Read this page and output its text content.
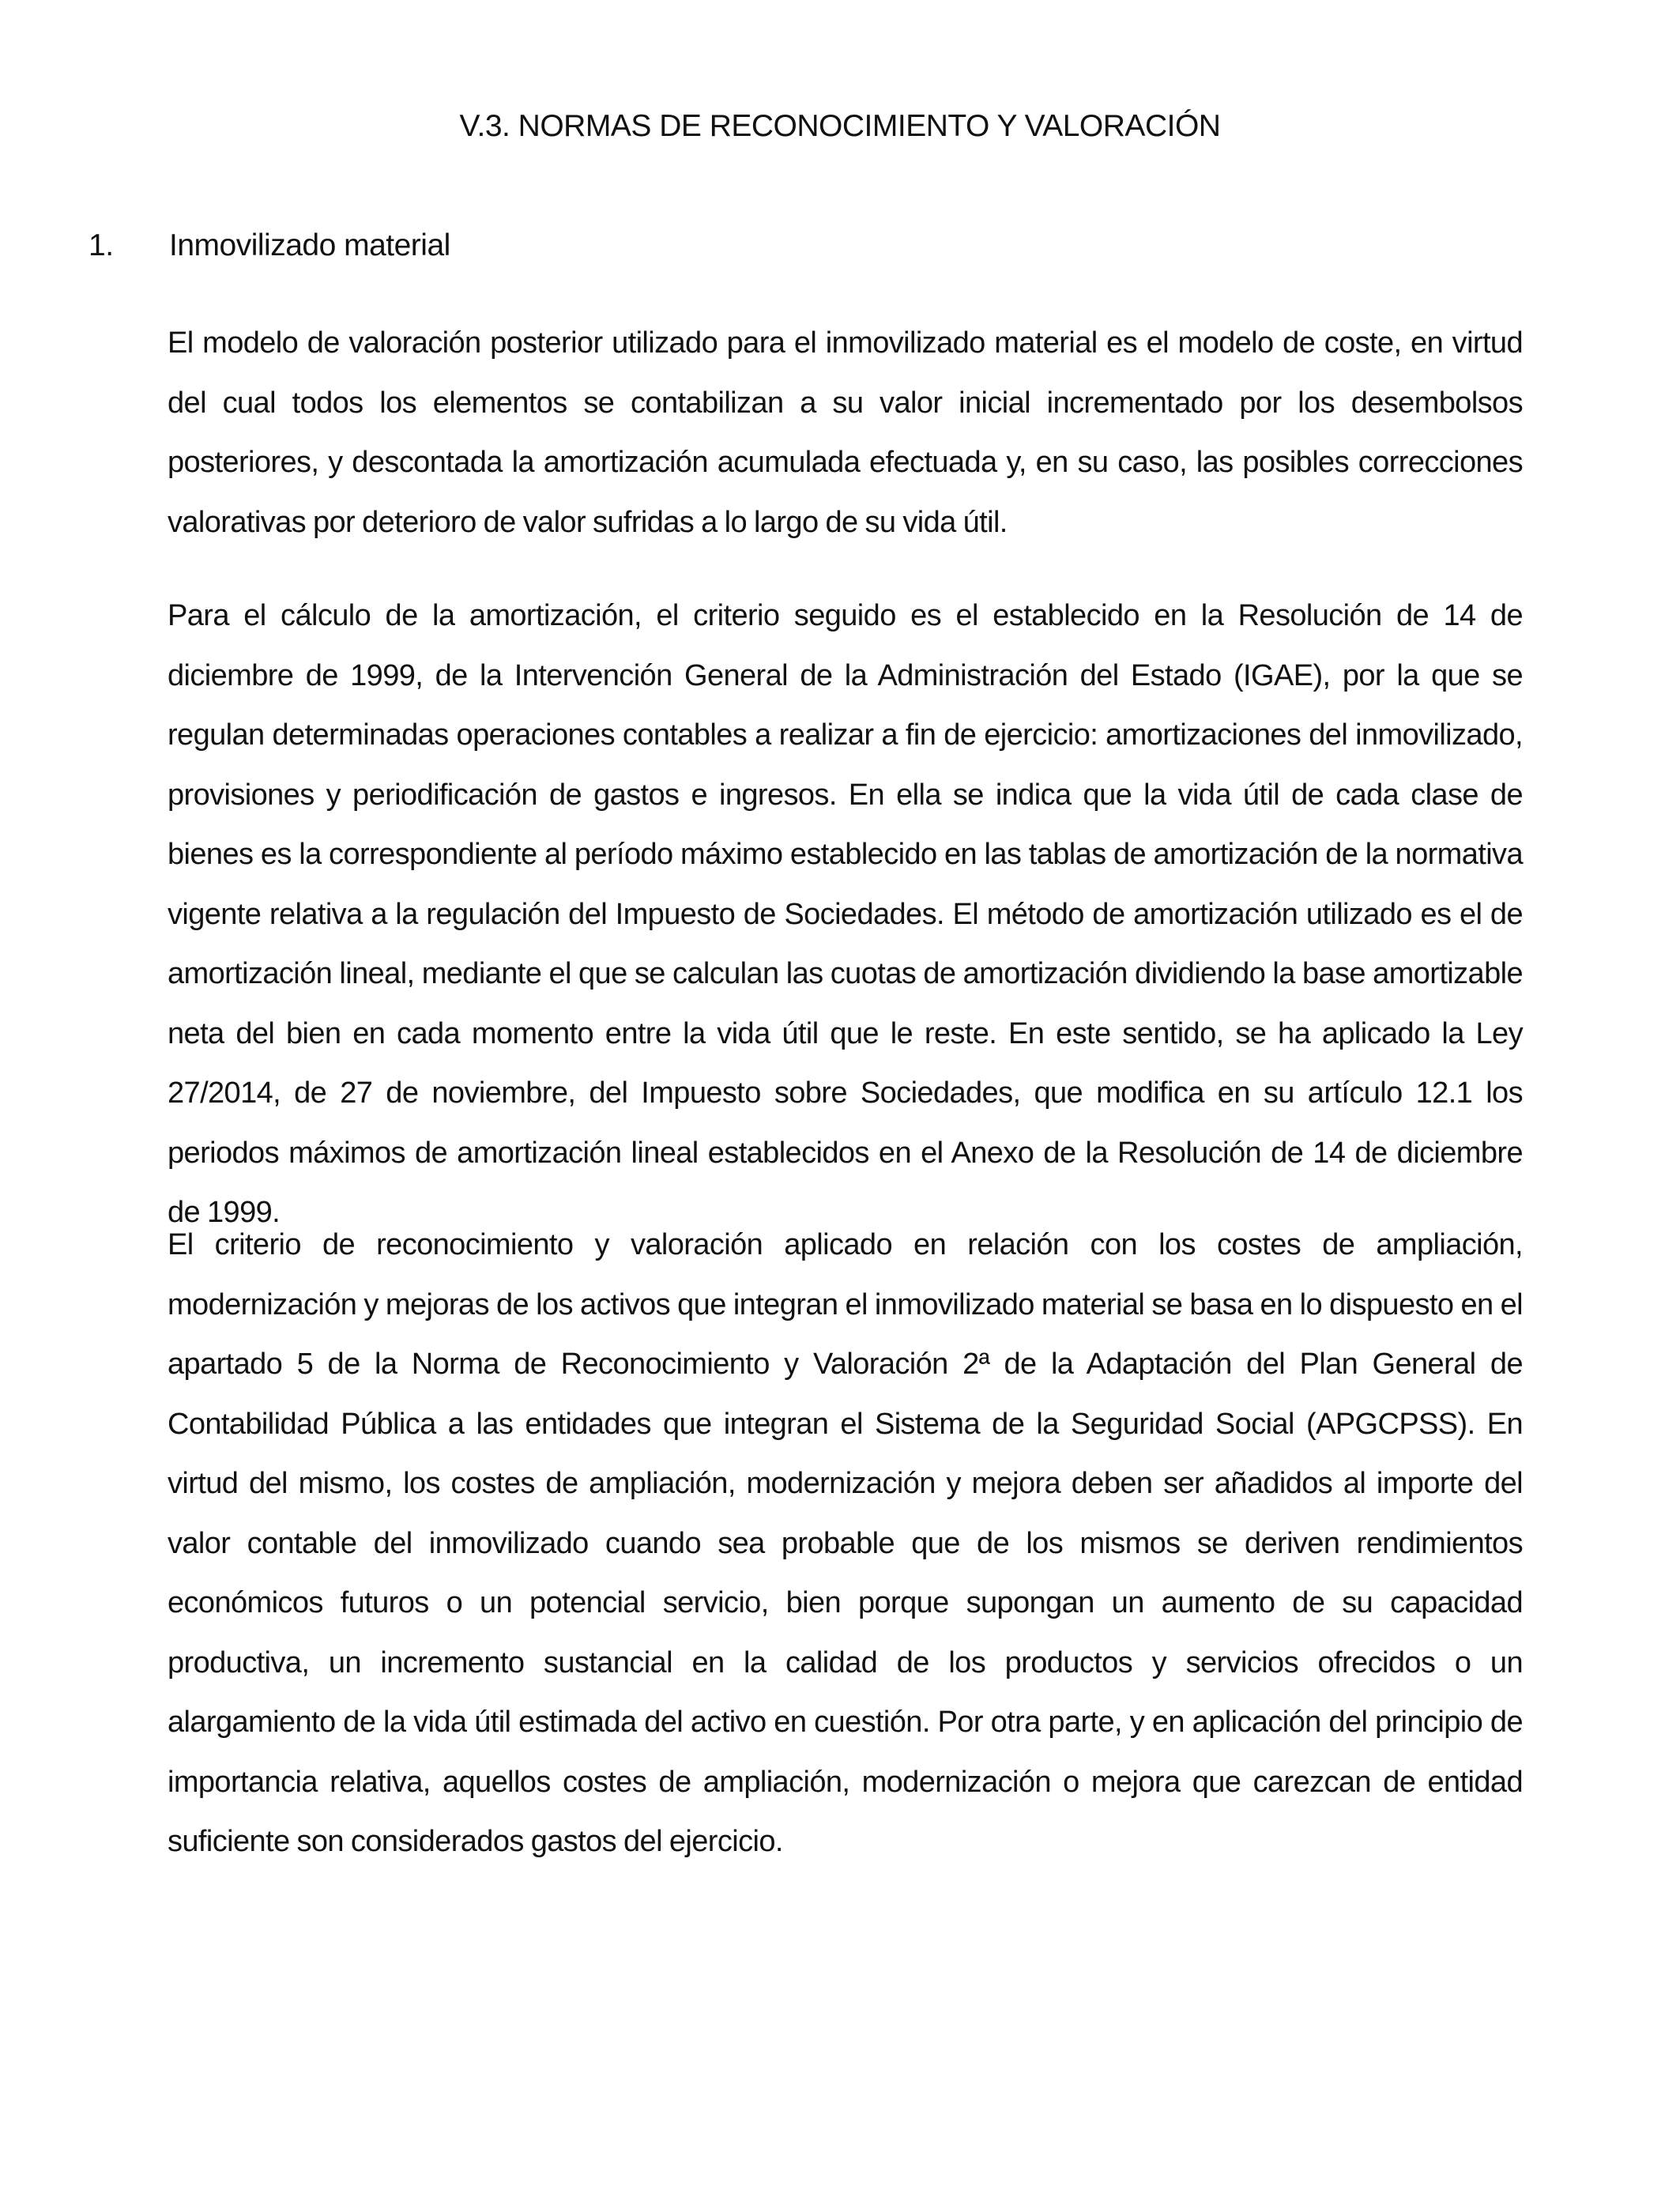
V.3. NORMAS DE RECONOCIMIENTO Y VALORACIÓN
1. Inmovilizado material

El modelo de valoración posterior utilizado para el inmovilizado material es el modelo de coste, en virtud del cual todos los elementos se contabilizan a su valor inicial incrementado por los desembolsos posteriores, y descontada la amortización acumulada efectuada y, en su caso, las posibles correcciones valorativas por deterioro de valor sufridas a lo largo de su vida útil.

Para el cálculo de la amortización, el criterio seguido es el establecido en la Resolución de 14 de diciembre de 1999, de la Intervención General de la Administración del Estado (IGAE), por la que se regulan determinadas operaciones contables a realizar a fin de ejercicio: amortizaciones del inmovilizado, provisiones y periodificación de gastos e ingresos. En ella se indica que la vida útil de cada clase de bienes es la correspondiente al período máximo establecido en las tablas de amortización de la normativa vigente relativa a la regulación del Impuesto de Sociedades. El método de amortización utilizado es el de amortización lineal, mediante el que se calculan las cuotas de amortización dividiendo la base amortizable neta del bien en cada momento entre la vida útil que le reste. En este sentido, se ha aplicado la Ley 27/2014, de 27 de noviembre, del Impuesto sobre Sociedades, que modifica en su artículo 12.1 los periodos máximos de amortización lineal establecidos en el Anexo de la Resolución de 14 de diciembre de 1999.

El criterio de reconocimiento y valoración aplicado en relación con los costes de ampliación, modernización y mejoras de los activos que integran el inmovilizado material se basa en lo dispuesto en el apartado 5 de la Norma de Reconocimiento y Valoración 2ª de la Adaptación del Plan General de Contabilidad Pública a las entidades que integran el Sistema de la Seguridad Social (APGCPSS). En virtud del mismo, los costes de ampliación, modernización y mejora deben ser añadidos al importe del valor contable del inmovilizado cuando sea probable que de los mismos se deriven rendimientos económicos futuros o un potencial servicio, bien porque supongan un aumento de su capacidad productiva, un incremento sustancial en la calidad de los productos y servicios ofrecidos o un alargamiento de la vida útil estimada del activo en cuestión. Por otra parte, y en aplicación del principio de importancia relativa, aquellos costes de ampliación, modernización o mejora que carezcan de entidad suficiente son considerados gastos del ejercicio.
